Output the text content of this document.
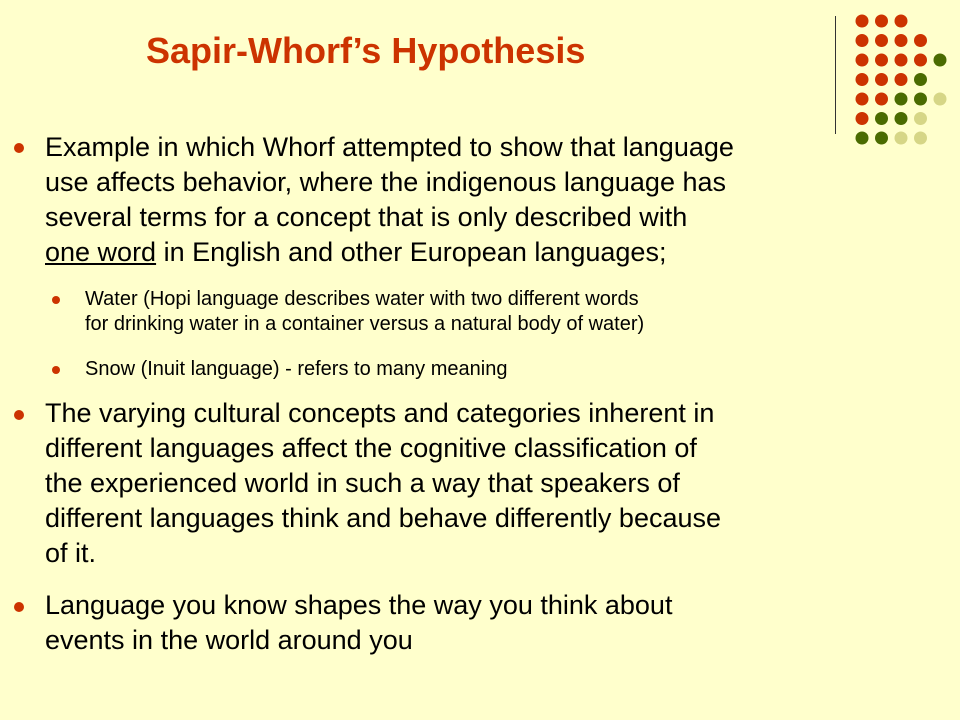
Sapir-Whorf’s Hypothesis

Example in which Whorf attempted to show that language
use affects behavior, where the indigenous language has
several terms for a concept that is only described with
one word in English and other European languages;

Water (Hopi language describes water with two different words
for drinking water in a container versus a natural body of water)

Snow (Inuit language) - refers to many meaning

The varying cultural concepts and categories inherent in
different languages affect the cognitive classification of
the experienced world in such a way that speakers of
different languages think and behave differently because
of it.

Language you know shapes the way you think about
events in the world around you
